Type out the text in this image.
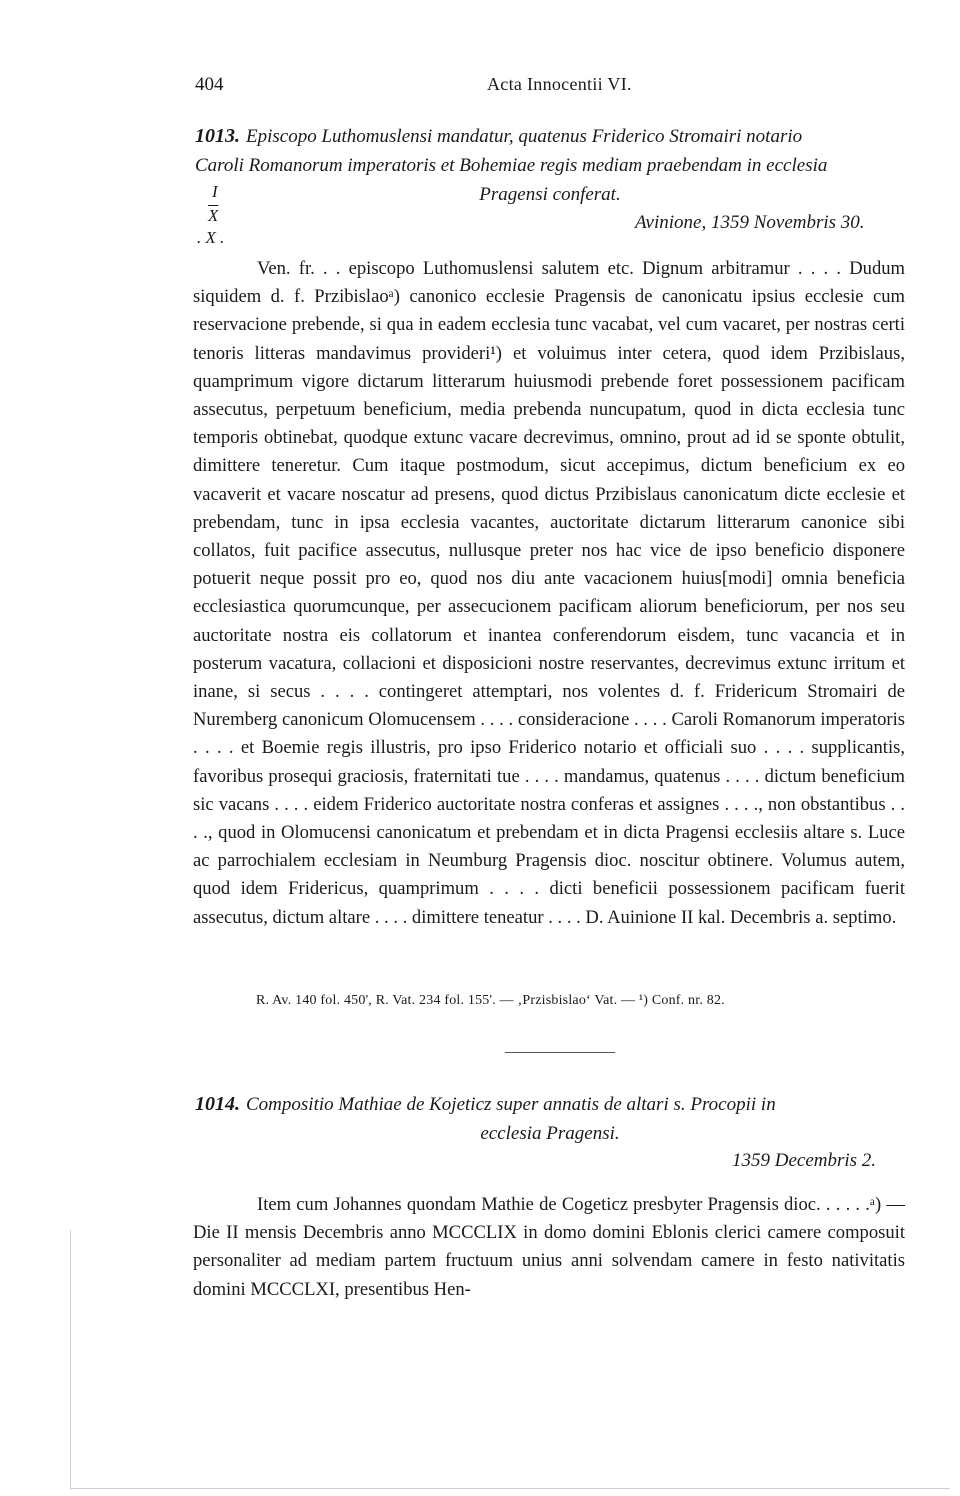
404	Acta Innocentii VI.
1013. Episcopo Luthomuslensi mandatur, quatenus Friderico Stromairi notario
Caroli Romanorum imperatoris et Bohemiae regis mediam praebendam in ecclesia
Pragensi conferat.
I
$\overline{X}$
. X .
Avinione, 1359 Novembris 30.

Ven. fr. . . episcopo Luthomuslensi salutem etc. Dignum arbitramur . . . . Dudum siquidem d. f. Przibislaoᵃ) canonico ecclesie Pragensis de canonicatu ipsius ecclesie cum reservacione prebende, si qua in eadem ecclesia tunc vacabat, vel cum vacaret, per nostras certi tenoris litteras mandavimus provideri¹) et voluimus inter cetera, quod idem Przibislaus, quamprimum vigore dictarum litterarum huiusmodi prebende foret possessionem pacificam assecutus, perpetuum beneficium, media prebenda nuncupatum, quod in dicta ecclesia tunc temporis obtinebat, quodque extunc vacare decrevimus, omnino, prout ad id se sponte obtulit, dimittere teneretur. Cum itaque postmodum, sicut accepimus, dictum beneficium ex eo vacaverit et vacare noscatur ad presens, quod dictus Przibislaus canonicatum dicte ecclesie et prebendam, tunc in ipsa ecclesia vacantes, auctoritate dictarum litterarum canonice sibi collatos, fuit pacifice assecutus, nullusque preter nos hac vice de ipso beneficio disponere potuerit neque possit pro eo, quod nos diu ante vacacionem huius[modi] omnia beneficia ecclesiastica quorumcunque, per assecucionem pacificam aliorum beneficiorum, per nos seu auctoritate nostra eis collatorum et inantea conferendorum eisdem, tunc vacancia et in posterum vacatura, collacioni et disposicioni nostre reservantes, decrevimus extunc irritum et inane, si secus . . . . contingeret attemptari, nos volentes d. f. Fridericum Stromairi de Nuremberg canonicum Olomucensem . . . . consideracione . . . . Caroli Romanorum imperatoris . . . . et Boemie regis illustris, pro ipso Friderico notario et officiali suo . . . . supplicantis, favoribus prosequi graciosis, fraternitati tue . . . . mandamus, quatenus . . . . dictum beneficium sic vacans . . . . eidem Friderico auctoritate nostra conferas et assignes . . . ., non obstantibus . . . ., quod in Olomucensi canonicatum et prebendam et in dicta Pragensi ecclesiis altare s. Luce ac parrochialem ecclesiam in Neumburg Pragensis dioc. noscitur obtinere. Volumus autem, quod idem Fridericus, quamprimum . . . . dicti beneficii possessionem pacificam fuerit assecutus, dictum altare . . . . dimittere teneatur . . . . D. Auinione II kal. Decembris a. septimo.

R. Av. 140 fol. 450', R. Vat. 234 fol. 155'. — ‚Przisbislao‘ Vat. — ¹) Conf. nr. 82.
1014. Compositio Mathiae de Kojeticz super annatis de altari s. Procopii in
ecclesia Pragensi.
1359 Decembris 2.

Item cum Johannes quondam Mathie de Cogeticz presbyter Pragensis dioc. . . . . .ᵃ) — Die II mensis Decembris anno MCCCLIX in domo domini Eblonis clerici camere composuit personaliter ad mediam partem fructuum unius anni solvendam camere in festo nativitatis domini MCCCLXI, presentibus Hen-
